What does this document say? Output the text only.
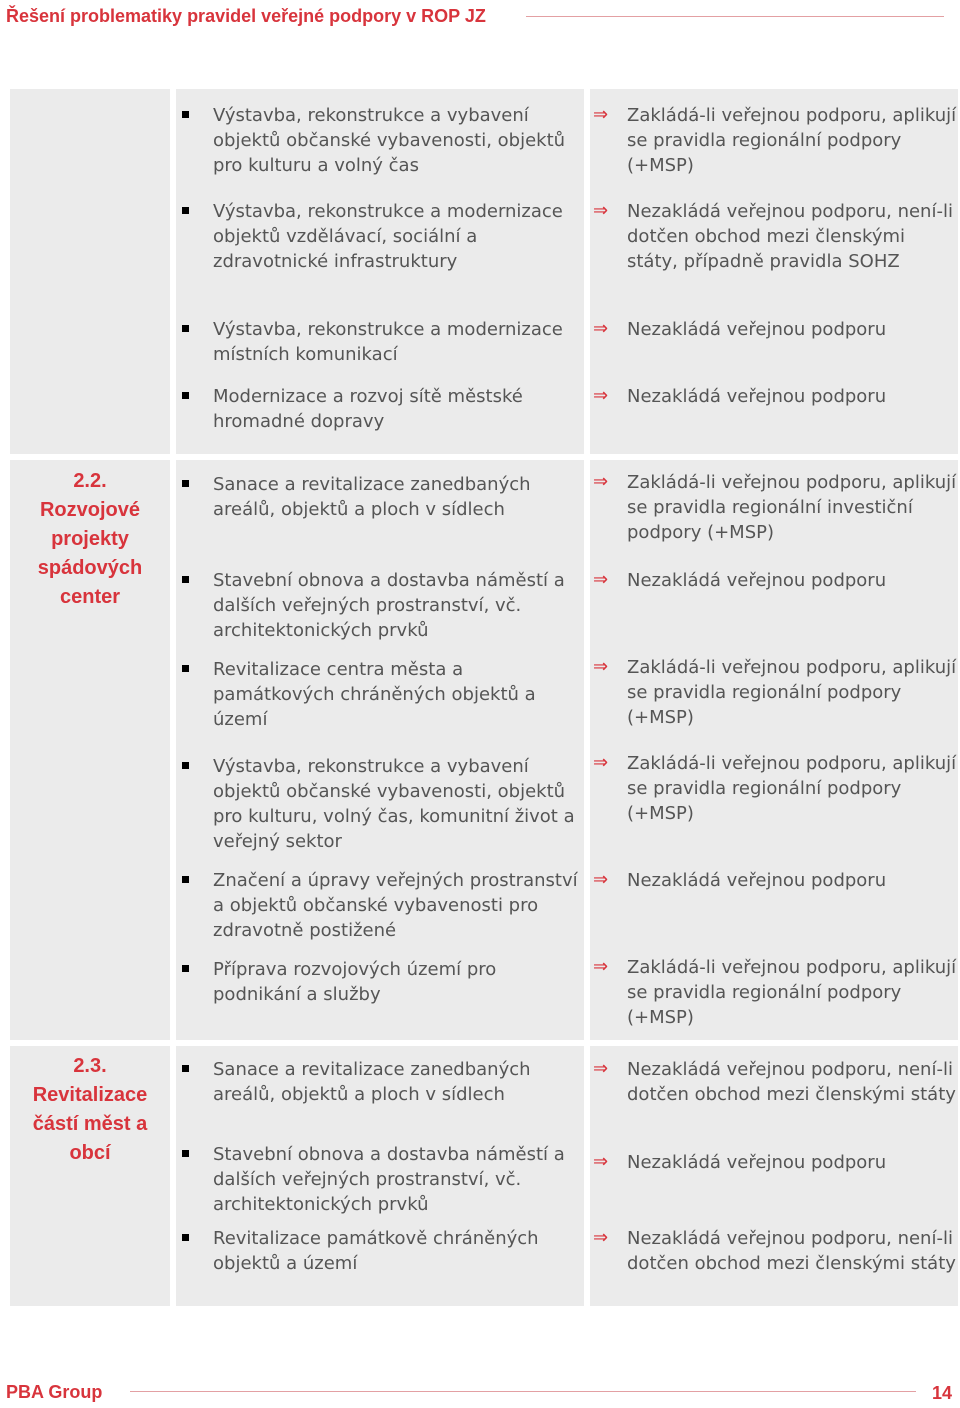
Řešení problematiky pravidel veřejné podpory v ROP JZ
2.2.
Rozvojové
projekty
spádových
center
2.3.
Revitalizace
částí měst a
obcí
Výstavba, rekonstrukce a vybavení objektů občanské vybavenosti, objektů pro kulturu a volný čas
⇒ Zakládá-li veřejnou podporu, aplikují se pravidla regionální podpory (+MSP)
Výstavba, rekonstrukce a modernizace objektů vzdělávací, sociální a zdravotnické infrastruktury
⇒ Nezakládá veřejnou podporu, není-li dotčen obchod mezi členskými státy, případně pravidla SOHZ
Výstavba, rekonstrukce a modernizace místních komunikací
⇒ Nezakládá veřejnou podporu
Modernizace a rozvoj sítě městské hromadné dopravy
⇒ Nezakládá veřejnou podporu
Sanace a revitalizace zanedbaných areálů, objektů a ploch v sídlech
⇒ Zakládá-li veřejnou podporu, aplikují se pravidla regionální investiční podpory (+MSP)
Stavební obnova a dostavba náměstí a dalších veřejných prostranství, vč. architektonických prvků
⇒ Nezakládá veřejnou podporu
Revitalizace centra města a památkových chráněných objektů a území
⇒ Zakládá-li veřejnou podporu, aplikují se pravidla regionální podpory (+MSP)
Výstavba, rekonstrukce a vybavení objektů občanské vybavenosti, objektů pro kulturu, volný čas, komunitní život a veřejný sektor
⇒ Zakládá-li veřejnou podporu, aplikují se pravidla regionální podpory (+MSP)
Značení a úpravy veřejných prostranství a objektů občanské vybavenosti pro zdravotně postižené
⇒ Nezakládá veřejnou podporu
Příprava rozvojových území pro podnikání a služby
⇒ Zakládá-li veřejnou podporu, aplikují se pravidla regionální podpory (+MSP)
Sanace a revitalizace zanedbaných areálů, objektů a ploch v sídlech
⇒ Nezakládá veřejnou podporu, není-li dotčen obchod mezi členskými státy
Stavební obnova a dostavba náměstí a dalších veřejných prostranství, vč. architektonických prvků
⇒ Nezakládá veřejnou podporu
Revitalizace památkově chráněných objektů a území
⇒ Nezakládá veřejnou podporu, není-li dotčen obchod mezi členskými státy
PBA Group	14
